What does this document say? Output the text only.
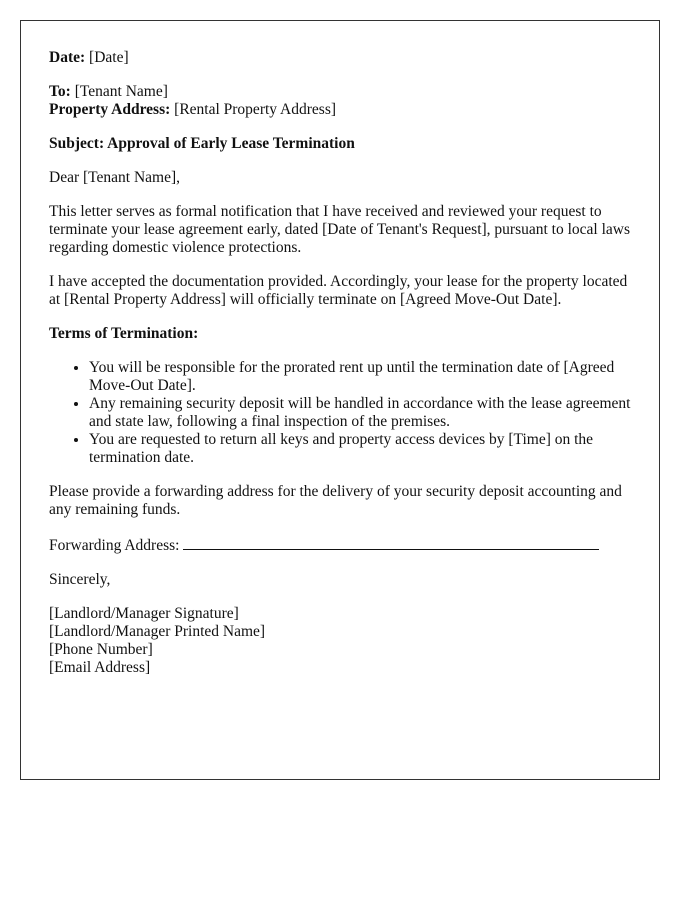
Date: [Date]

To: [Tenant Name]
Property Address: [Rental Property Address]

Subject: Approval of Early Lease Termination

Dear [Tenant Name],

This letter serves as formal notification that I have received and reviewed your request to terminate your lease agreement early, dated [Date of Tenant's Request], pursuant to local laws regarding domestic violence protections.

I have accepted the documentation provided. Accordingly, your lease for the property located at [Rental Property Address] will officially terminate on [Agreed Move-Out Date].

Terms of Termination:

• You will be responsible for the prorated rent up until the termination date of [Agreed Move-Out Date].
• Any remaining security deposit will be handled in accordance with the lease agreement and state law, following a final inspection of the premises.
• You are requested to return all keys and property access devices by [Time] on the termination date.

Please provide a forwarding address for the delivery of your security deposit accounting and any remaining funds.

Forwarding Address:

Sincerely,

[Landlord/Manager Signature]
[Landlord/Manager Printed Name]
[Phone Number]
[Email Address]
